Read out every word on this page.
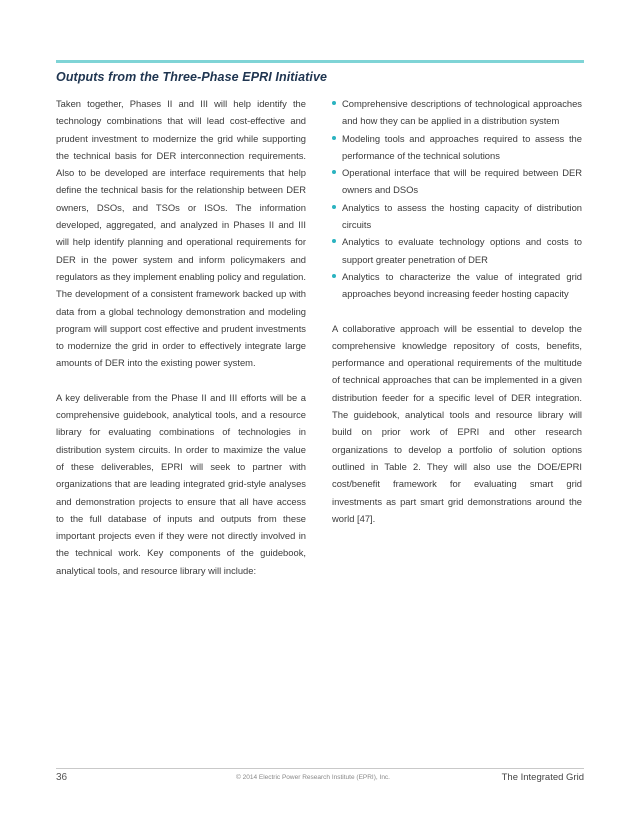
Outputs from the Three-Phase EPRI Initiative

Taken together, Phases II and III will help identify the technology combinations that will lead cost-effective and prudent investment to modernize the grid while supporting the technical basis for DER interconnection requirements. Also to be developed are interface requirements that help define the technical basis for the relationship between DER owners, DSOs, and TSOs or ISOs. The information developed, aggregated, and analyzed in Phases II and III will help identify planning and operational requirements for DER in the power system and inform policymakers and regulators as they implement enabling policy and regulation. The development of a consistent framework backed up with data from a global technology demonstration and modeling program will support cost effective and prudent investments to modernize the grid in order to effectively integrate large amounts of DER into the existing power system.

A key deliverable from the Phase II and III efforts will be a comprehensive guidebook, analytical tools, and a resource library for evaluating combinations of technologies in distribution system circuits. In order to maximize the value of these deliverables, EPRI will seek to partner with organizations that are leading integrated grid-style analyses and demonstration projects to ensure that all have access to the full database of inputs and outputs from these important projects even if they were not directly involved in the technical work. Key components of the guidebook, analytical tools, and resource library will include:

Comprehensive descriptions of technological approaches and how they can be applied in a distribution system
Modeling tools and approaches required to assess the performance of the technical solutions
Operational interface that will be required between DER owners and DSOs
Analytics to assess the hosting capacity of distribution circuits
Analytics to evaluate technology options and costs to support greater penetration of DER
Analytics to characterize the value of integrated grid approaches beyond increasing feeder hosting capacity

A collaborative approach will be essential to develop the comprehensive knowledge repository of costs, benefits, performance and operational requirements of the multitude of technical approaches that can be implemented in a given distribution feeder for a specific level of DER integration. The guidebook, analytical tools and resource library will build on prior work of EPRI and other research organizations to develop a portfolio of solution options outlined in Table 2. They will also use the DOE/EPRI cost/benefit framework for evaluating smart grid investments as part smart grid demonstrations around the world [47].

36	© 2014 Electric Power Research Institute (EPRI), Inc.	The Integrated Grid
